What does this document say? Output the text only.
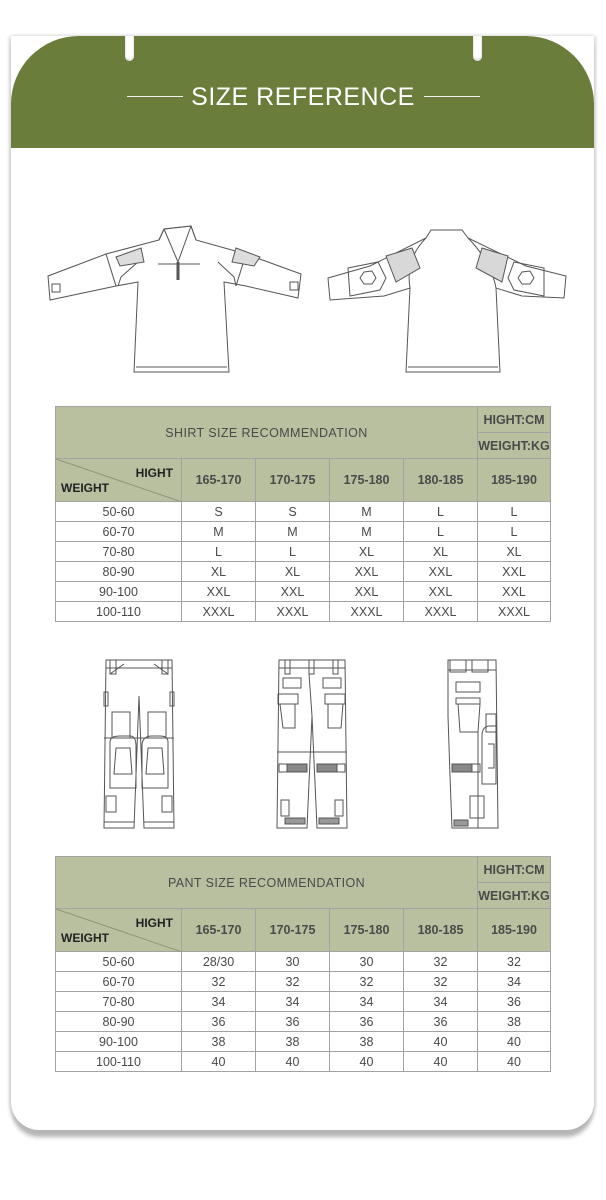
SIZE REFERENCE
SHIRT SIZE RECOMMENDATION					HIGHT:CM
					WEIGHT:KG

HIGHT
WEIGHT	165-170	170-175	175-180	180-185	185-190
50-60	S	S	M	L	L
60-70	M	M	M	L	L
70-80	L	L	XL	XL	XL
80-90	XL	XL	XXL	XXL	XXL
90-100	XXL	XXL	XXL	XXL	XXL
100-110	XXXL	XXXL	XXXL	XXXL	XXXL
PANT SIZE RECOMMENDATION					HIGHT:CM
					WEIGHT:KG

HIGHT
WEIGHT	165-170	170-175	175-180	180-185	185-190
50-60	28/30	30	30	32	32
60-70	32	32	32	32	34
70-80	34	34	34	34	36
80-90	36	36	36	36	38
90-100	38	38	38	40	40
100-110	40	40	40	40	40
